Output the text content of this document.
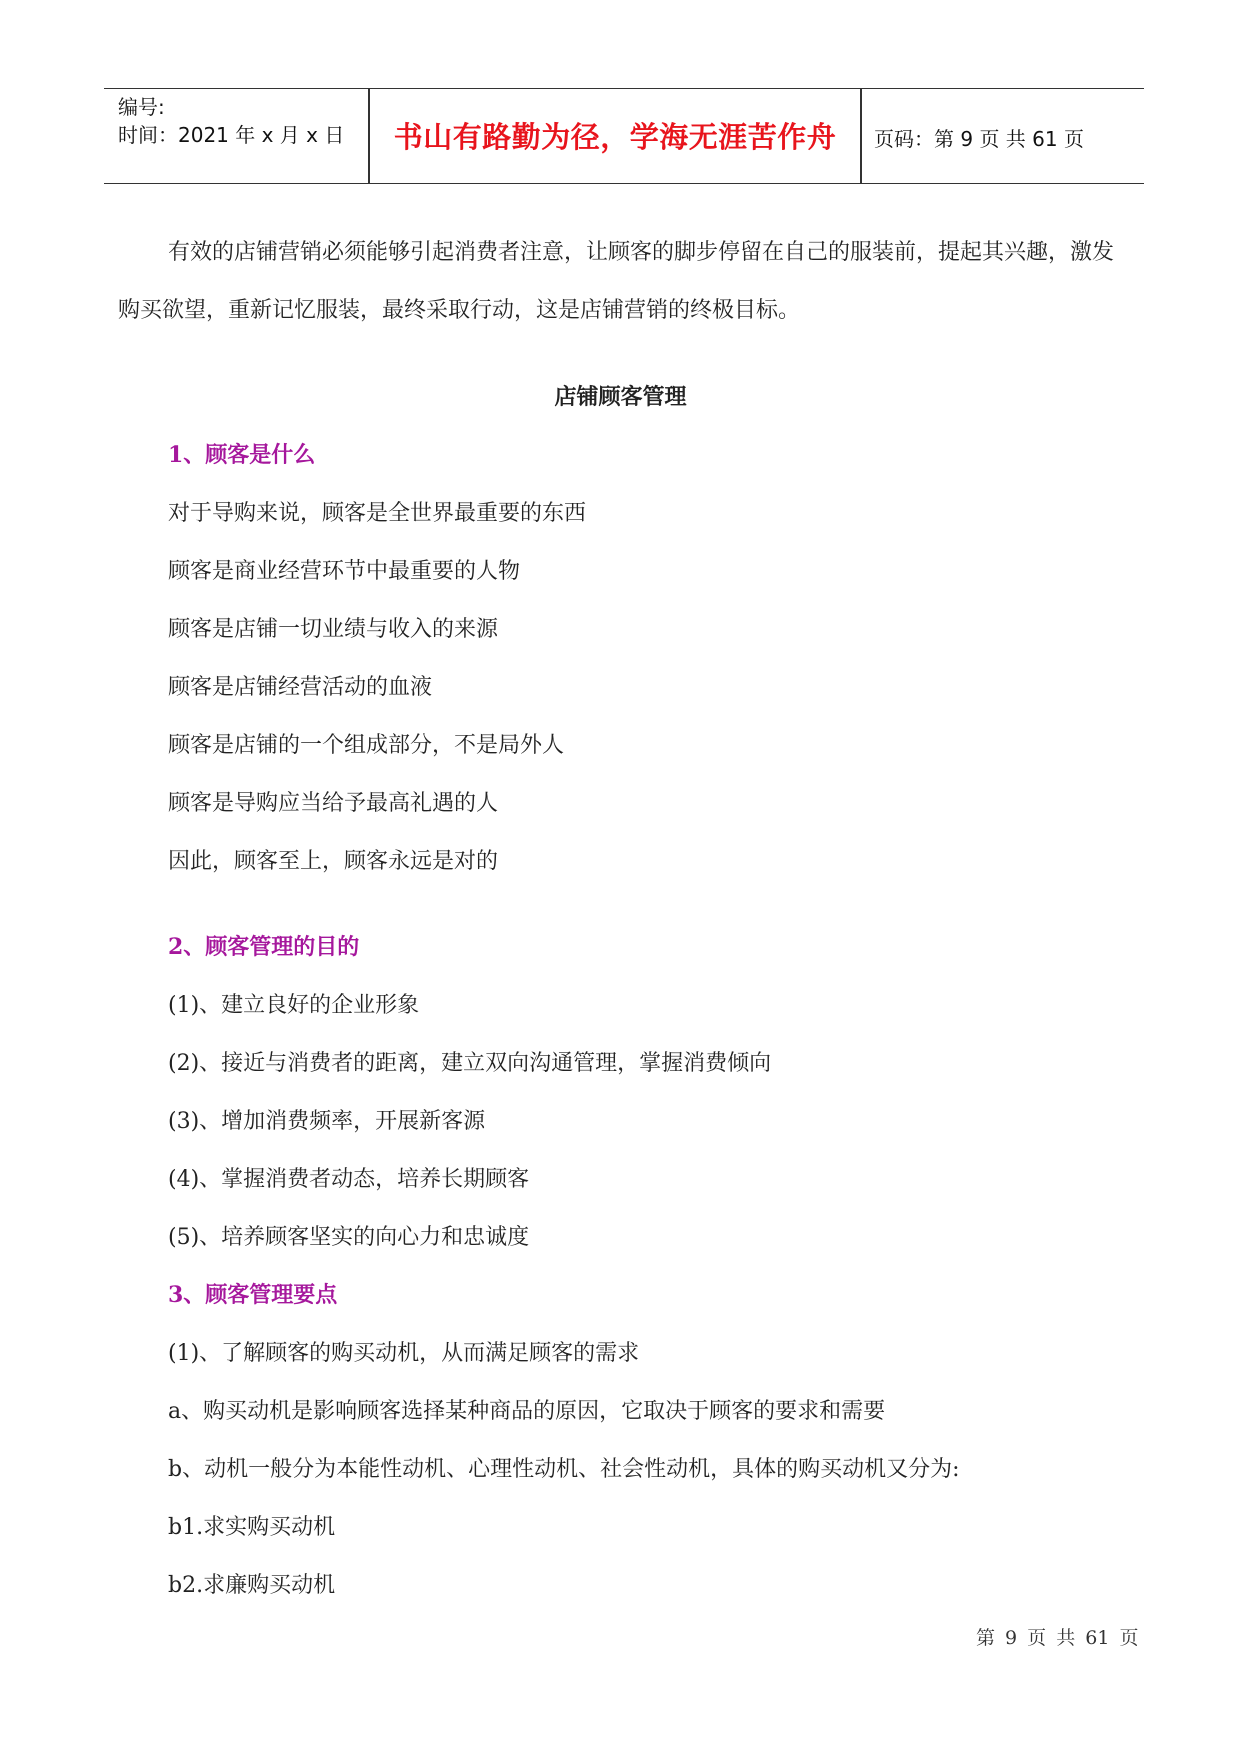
编号:
时间：2021 年 x 月 x 日	书山有路勤为径，学海无涯苦作舟	页码：第 9 页 共 61 页

有效的店铺营销必须能够引起消费者注意，让顾客的脚步停留在自己的服装前，提起其兴趣，激发购买欲望，重新记忆服装，最终采取行动，这是店铺营销的终极目标。

店铺顾客管理

1、顾客是什么

对于导购来说，顾客是全世界最重要的东西

顾客是商业经营环节中最重要的人物

顾客是店铺一切业绩与收入的来源

顾客是店铺经营活动的血液

顾客是店铺的一个组成部分，不是局外人

顾客是导购应当给予最高礼遇的人

因此，顾客至上，顾客永远是对的

2、顾客管理的目的

(1)、建立良好的企业形象

(2)、接近与消费者的距离，建立双向沟通管理，掌握消费倾向

(3)、增加消费频率，开展新客源

(4)、掌握消费者动态，培养长期顾客

(5)、培养顾客坚实的向心力和忠诚度

3、顾客管理要点

(1)、了解顾客的购买动机，从而满足顾客的需求

a、购买动机是影响顾客选择某种商品的原因，它取决于顾客的要求和需要

b、动机一般分为本能性动机、心理性动机、社会性动机，具体的购买动机又分为:

b1.求实购买动机

b2.求廉购买动机

第 9 页 共 61 页
